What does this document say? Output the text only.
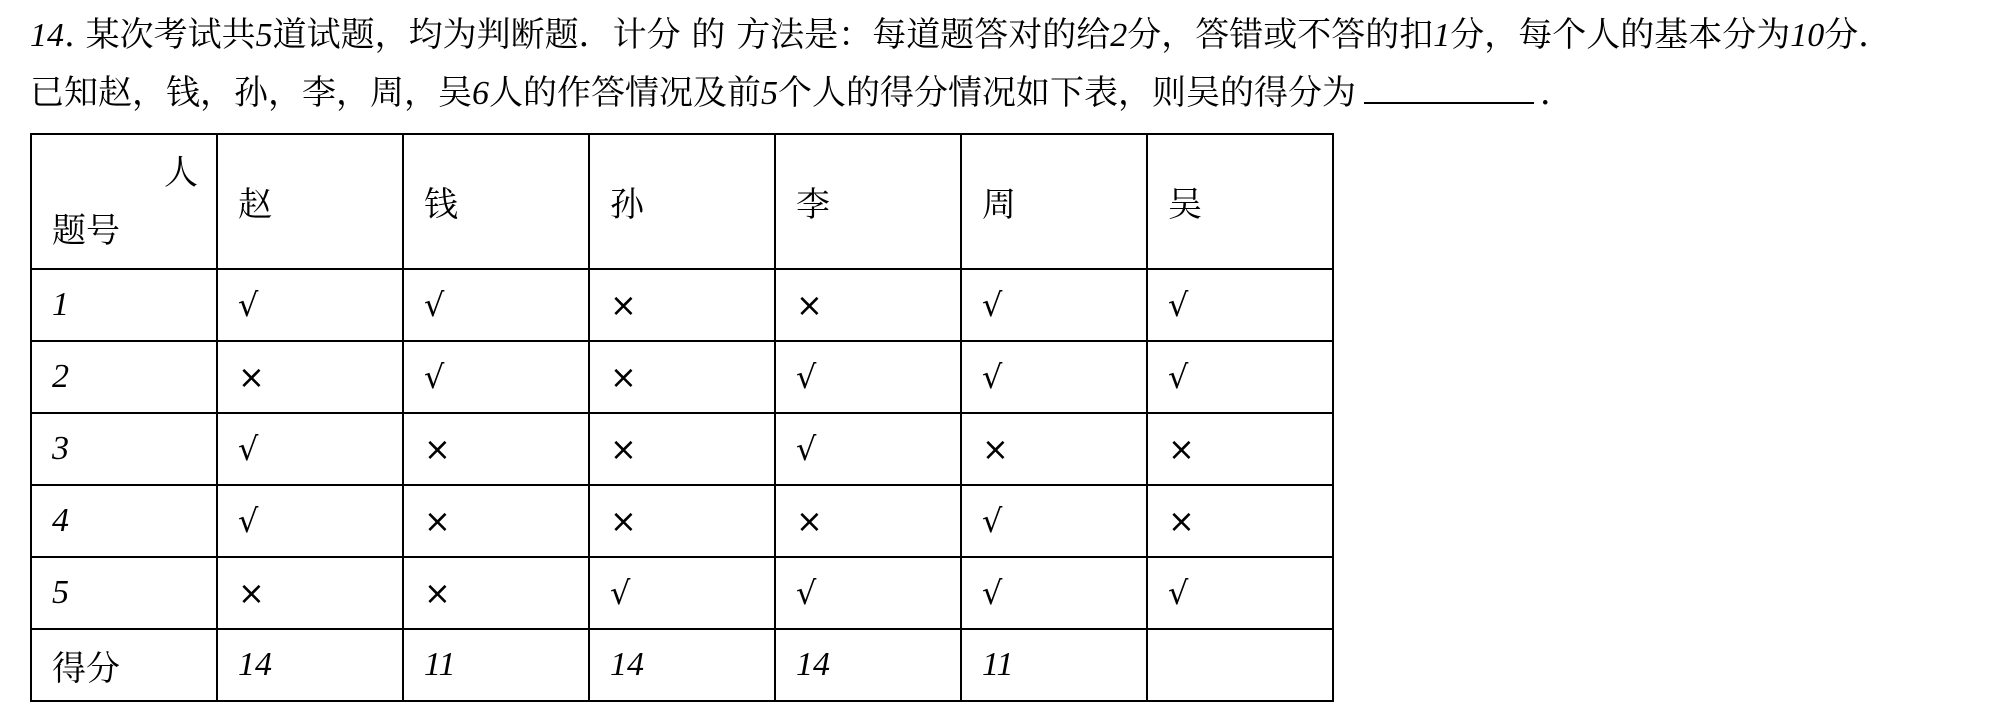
14. 某次考试共5道试题，均为判断题．计分 的 方法是：每道题答对的给2分，答错或不答的扣1分，每个人的基本分为10分．
已知赵，钱，孙，李，周，吴6人的作答情况及前5个人的得分情况如下表，则吴的得分为	．
人
题号	赵	钱	孙	李	周	吴
1	√	√	×	×	√	√
2	×	√	×	√	√	√
3	√	×	×	√	×	×
4	√	×	×	×	√	×
5	×	×	√	√	√	√
得分	14	11	14	14	11	
